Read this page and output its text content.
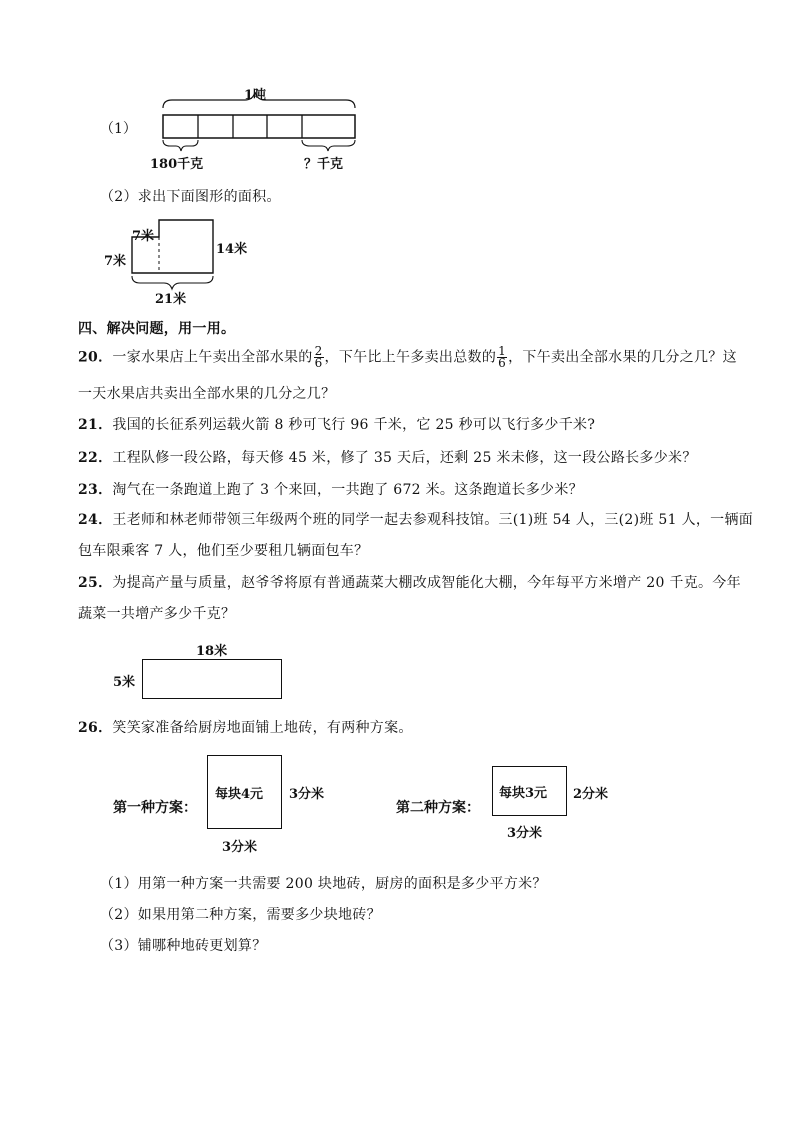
（1）
1吨
180千克	？千克
（2）求出下面图形的面积。
7米
7米
14米
21米
四、解决问题，用一用。
20．一家水果店上午卖出全部水果的 $\frac{2}{6}$ ，下午比上午多卖出总数的 $\frac{1}{6}$ ，下午卖出全部水果的几分之几？这
一天水果店共卖出全部水果的几分之几？
21．我国的长征系列运载火箭 8 秒可飞行 96 千米，它 25 秒可以飞行多少千米?
22．工程队修一段公路，每天修 45 米，修了 35 天后，还剩 25 米未修，这一段公路长多少米？
23．淘气在一条跑道上跑了 3 个来回，一共跑了 672 米。这条跑道长多少米？
24．王老师和林老师带领三年级两个班的同学一起去参观科技馆。三(1)班 54 人，三(2)班 51 人，一辆面
包车限乘客 7 人，他们至少要租几辆面包车？
25．为提高产量与质量，赵爷爷将原有普通蔬菜大棚改成智能化大棚，今年每平方米增产 20 千克。今年
蔬菜一共增产多少千克？
18米
5米
26．笑笑家准备给厨房地面铺上地砖，有两种方案。
第一种方案：
每块4元 3分米
3分米
第二种方案：
每块3元 2分米
3分米
（1）用第一种方案一共需要 200 块地砖，厨房的面积是多少平方米？
（2）如果用第二种方案，需要多少块地砖？
（3）铺哪种地砖更划算？
